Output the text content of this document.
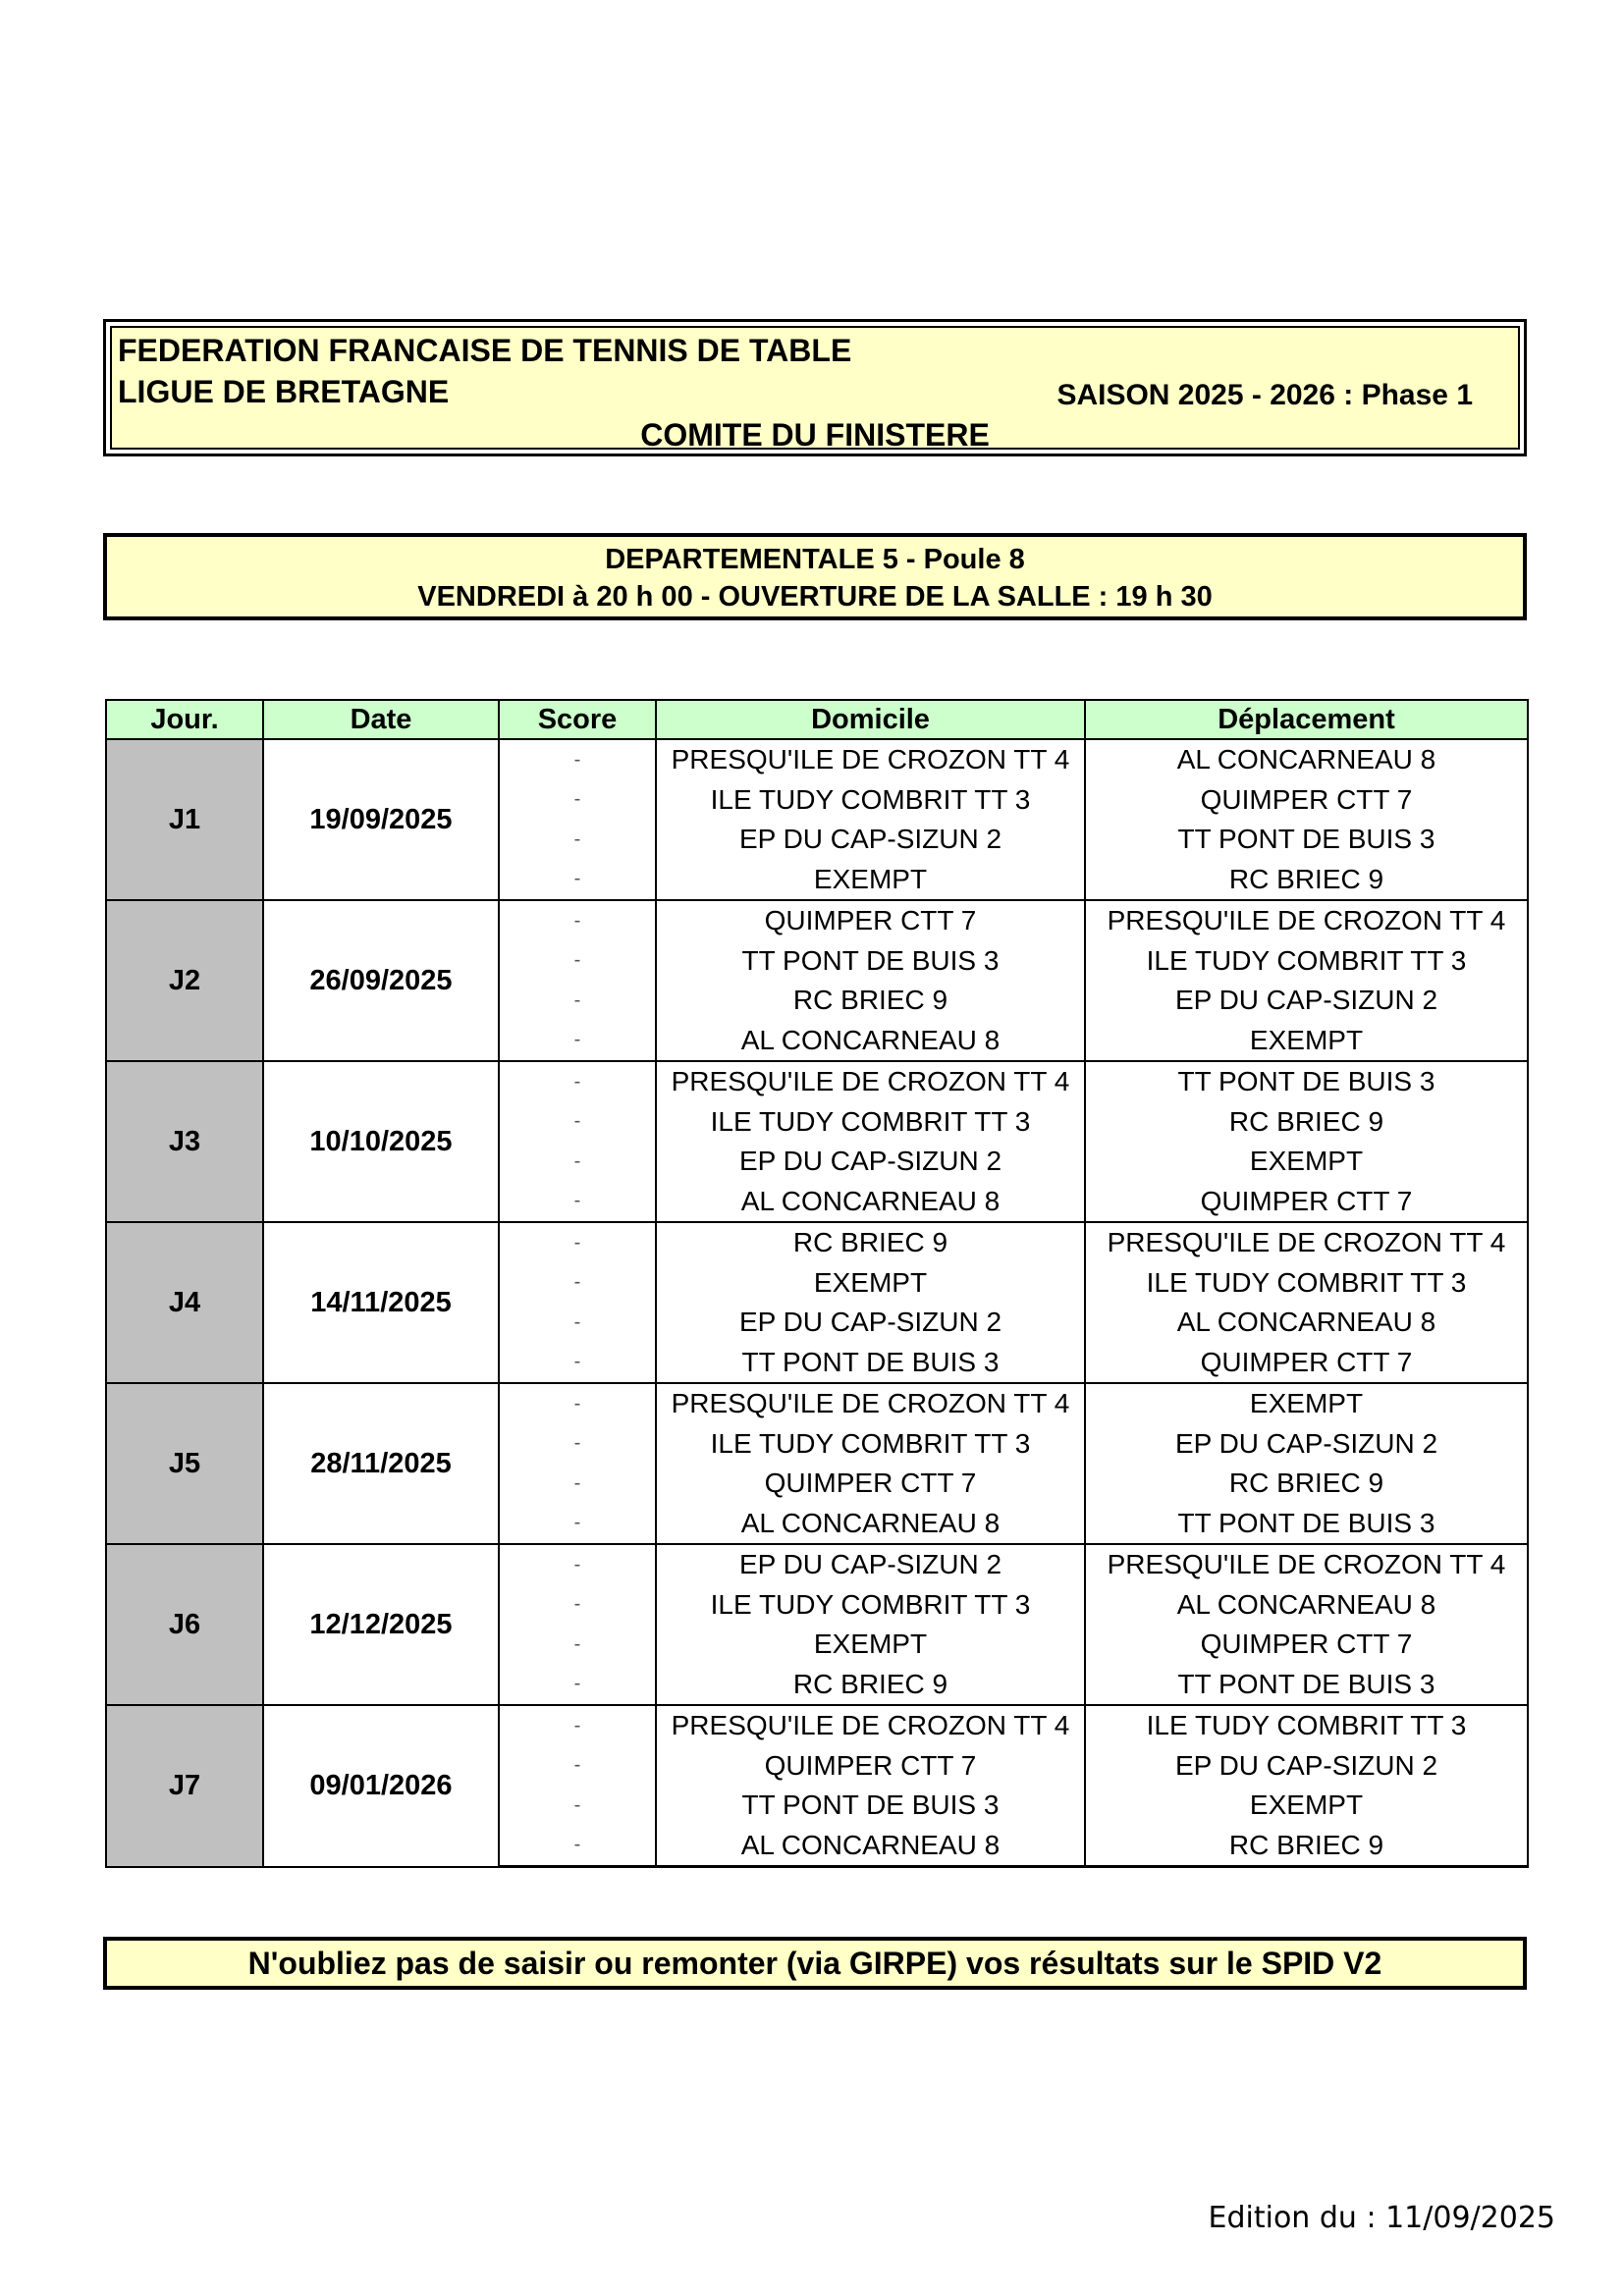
FEDERATION FRANCAISE DE TENNIS DE TABLE
LIGUE DE BRETAGNE	SAISON 2025 - 2026 : Phase 1
COMITE DU FINISTERE
DEPARTEMENTALE 5 - Poule 8
VENDREDI à 20 h 00 - OUVERTURE DE LA SALLE : 19 h 30
Jour.	Date	Score	Domicile	Déplacement
J1	19/09/2025	-	PRESQU'ILE DE CROZON TT 4	AL CONCARNEAU 8
		-	ILE TUDY COMBRIT TT 3	QUIMPER CTT 7
		-	EP DU CAP-SIZUN 2	TT PONT DE BUIS 3
		-	EXEMPT	RC BRIEC 9
J2	26/09/2025	-	QUIMPER CTT 7	PRESQU'ILE DE CROZON TT 4
		-	TT PONT DE BUIS 3	ILE TUDY COMBRIT TT 3
		-	RC BRIEC 9	EP DU CAP-SIZUN 2
		-	AL CONCARNEAU 8	EXEMPT
J3	10/10/2025	-	PRESQU'ILE DE CROZON TT 4	TT PONT DE BUIS 3
		-	ILE TUDY COMBRIT TT 3	RC BRIEC 9
		-	EP DU CAP-SIZUN 2	EXEMPT
		-	AL CONCARNEAU 8	QUIMPER CTT 7
J4	14/11/2025	-	RC BRIEC 9	PRESQU'ILE DE CROZON TT 4
		-	EXEMPT	ILE TUDY COMBRIT TT 3
		-	EP DU CAP-SIZUN 2	AL CONCARNEAU 8
		-	TT PONT DE BUIS 3	QUIMPER CTT 7
J5	28/11/2025	-	PRESQU'ILE DE CROZON TT 4	EXEMPT
		-	ILE TUDY COMBRIT TT 3	EP DU CAP-SIZUN 2
		-	QUIMPER CTT 7	RC BRIEC 9
		-	AL CONCARNEAU 8	TT PONT DE BUIS 3
J6	12/12/2025	-	EP DU CAP-SIZUN 2	PRESQU'ILE DE CROZON TT 4
		-	ILE TUDY COMBRIT TT 3	AL CONCARNEAU 8
		-	EXEMPT	QUIMPER CTT 7
		-	RC BRIEC 9	TT PONT DE BUIS 3
J7	09/01/2026	-	PRESQU'ILE DE CROZON TT 4	ILE TUDY COMBRIT TT 3
		-	QUIMPER CTT 7	EP DU CAP-SIZUN 2
		-	TT PONT DE BUIS 3	EXEMPT
		-	AL CONCARNEAU 8	RC BRIEC 9
N'oubliez pas de saisir ou remonter (via GIRPE) vos résultats sur le SPID V2
Edition du : 11/09/2025
